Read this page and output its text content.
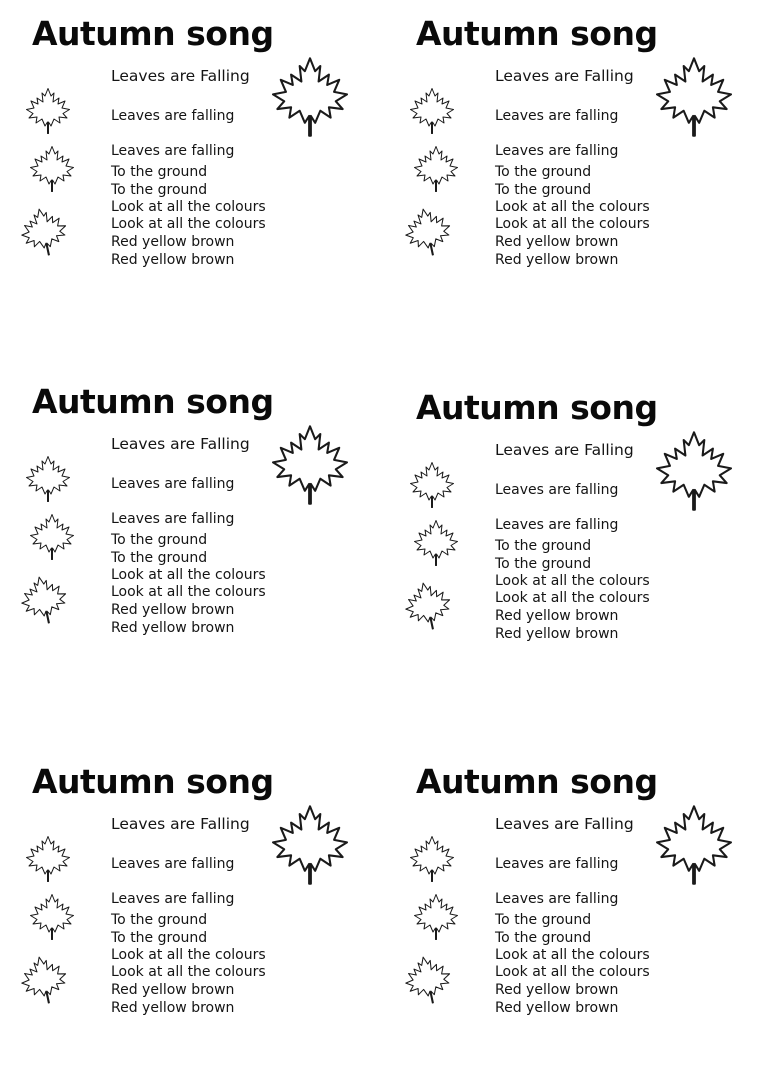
Autumn song

Leaves are Falling

Leaves are falling

Leaves are falling

To the ground

To the ground

Look at all the colours

Look at all the colours

Red yellow brown

Red yellow brown

Autumn song

Leaves are Falling

Leaves are falling

Leaves are falling

To the ground

To the ground

Look at all the colours

Look at all the colours

Red yellow brown

Red yellow brown

Autumn song

Leaves are Falling

Leaves are falling

Leaves are falling

To the ground

To the ground

Look at all the colours

Look at all the colours

Red yellow brown

Red yellow brown

Autumn song

Leaves are Falling

Leaves are falling

Leaves are falling

To the ground

To the ground

Look at all the colours

Look at all the colours

Red yellow brown

Red yellow brown

Autumn song

Leaves are Falling

Leaves are falling

Leaves are falling

To the ground

To the ground

Look at all the colours

Look at all the colours

Red yellow brown

Red yellow brown

Autumn song

Leaves are Falling

Leaves are falling

Leaves are falling

To the ground

To the ground

Look at all the colours

Look at all the colours

Red yellow brown

Red yellow brown
